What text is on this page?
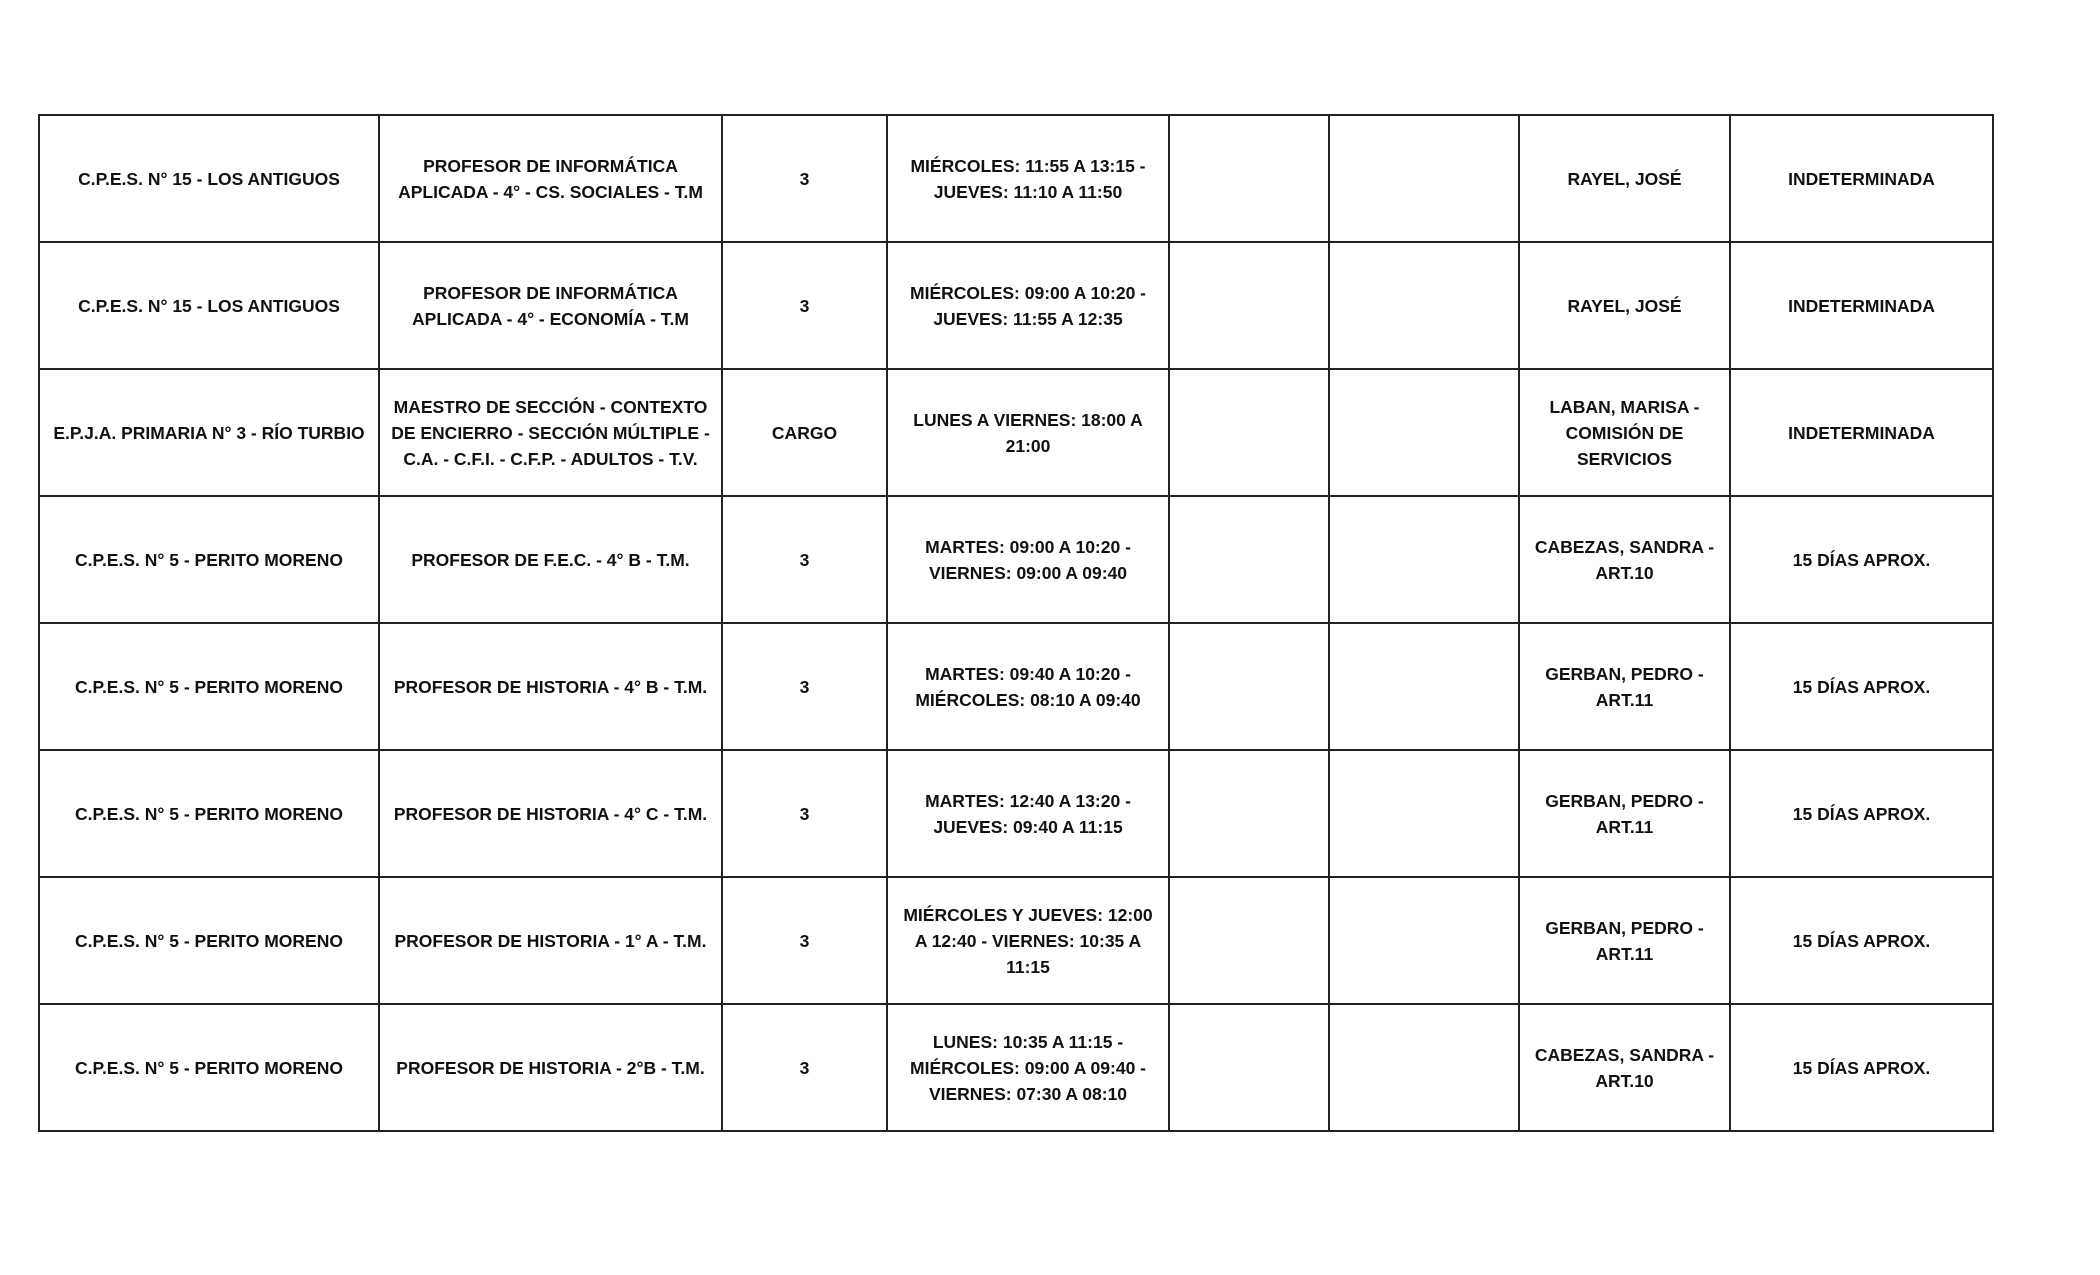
C.P.E.S. N° 15 - LOS ANTIGUOS	PROFESOR DE INFORMÁTICA APLICADA - 4° - CS. SOCIALES - T.M	3	MIÉRCOLES: 11:55 A 13:15 - JUEVES: 11:10 A 11:50			RAYEL, JOSÉ	INDETERMINADA
C.P.E.S. N° 15 - LOS ANTIGUOS	PROFESOR DE INFORMÁTICA APLICADA - 4° - ECONOMÍA - T.M	3	MIÉRCOLES: 09:00 A 10:20 - JUEVES: 11:55 A 12:35			RAYEL, JOSÉ	INDETERMINADA
E.P.J.A. PRIMARIA N° 3 - RÍO TURBIO	MAESTRO DE SECCIÓN - CONTEXTO DE ENCIERRO - SECCIÓN MÚLTIPLE - C.A. - C.F.I. - C.F.P. - ADULTOS - T.V.	CARGO	LUNES A VIERNES: 18:00 A 21:00			LABAN, MARISA - COMISIÓN DE SERVICIOS	INDETERMINADA
C.P.E.S. N° 5 - PERITO MORENO	PROFESOR DE F.E.C. - 4° B - T.M.	3	MARTES: 09:00 A 10:20 - VIERNES: 09:00 A 09:40			CABEZAS, SANDRA - ART.10	15 DÍAS APROX.
C.P.E.S. N° 5 - PERITO MORENO	PROFESOR DE HISTORIA - 4° B - T.M.	3	MARTES: 09:40 A 10:20 - MIÉRCOLES: 08:10 A 09:40			GERBAN, PEDRO - ART.11	15 DÍAS APROX.
C.P.E.S. N° 5 - PERITO MORENO	PROFESOR DE HISTORIA - 4° C - T.M.	3	MARTES: 12:40 A 13:20 - JUEVES: 09:40 A 11:15			GERBAN, PEDRO - ART.11	15 DÍAS APROX.
C.P.E.S. N° 5 - PERITO MORENO	PROFESOR DE HISTORIA - 1° A - T.M.	3	MIÉRCOLES Y JUEVES: 12:00 A 12:40 - VIERNES: 10:35 A 11:15			GERBAN, PEDRO - ART.11	15 DÍAS APROX.
C.P.E.S. N° 5 - PERITO MORENO	PROFESOR DE HISTORIA - 2°B - T.M.	3	LUNES: 10:35 A 11:15 - MIÉRCOLES: 09:00 A 09:40 - VIERNES: 07:30 A 08:10			CABEZAS, SANDRA - ART.10	15 DÍAS APROX.
